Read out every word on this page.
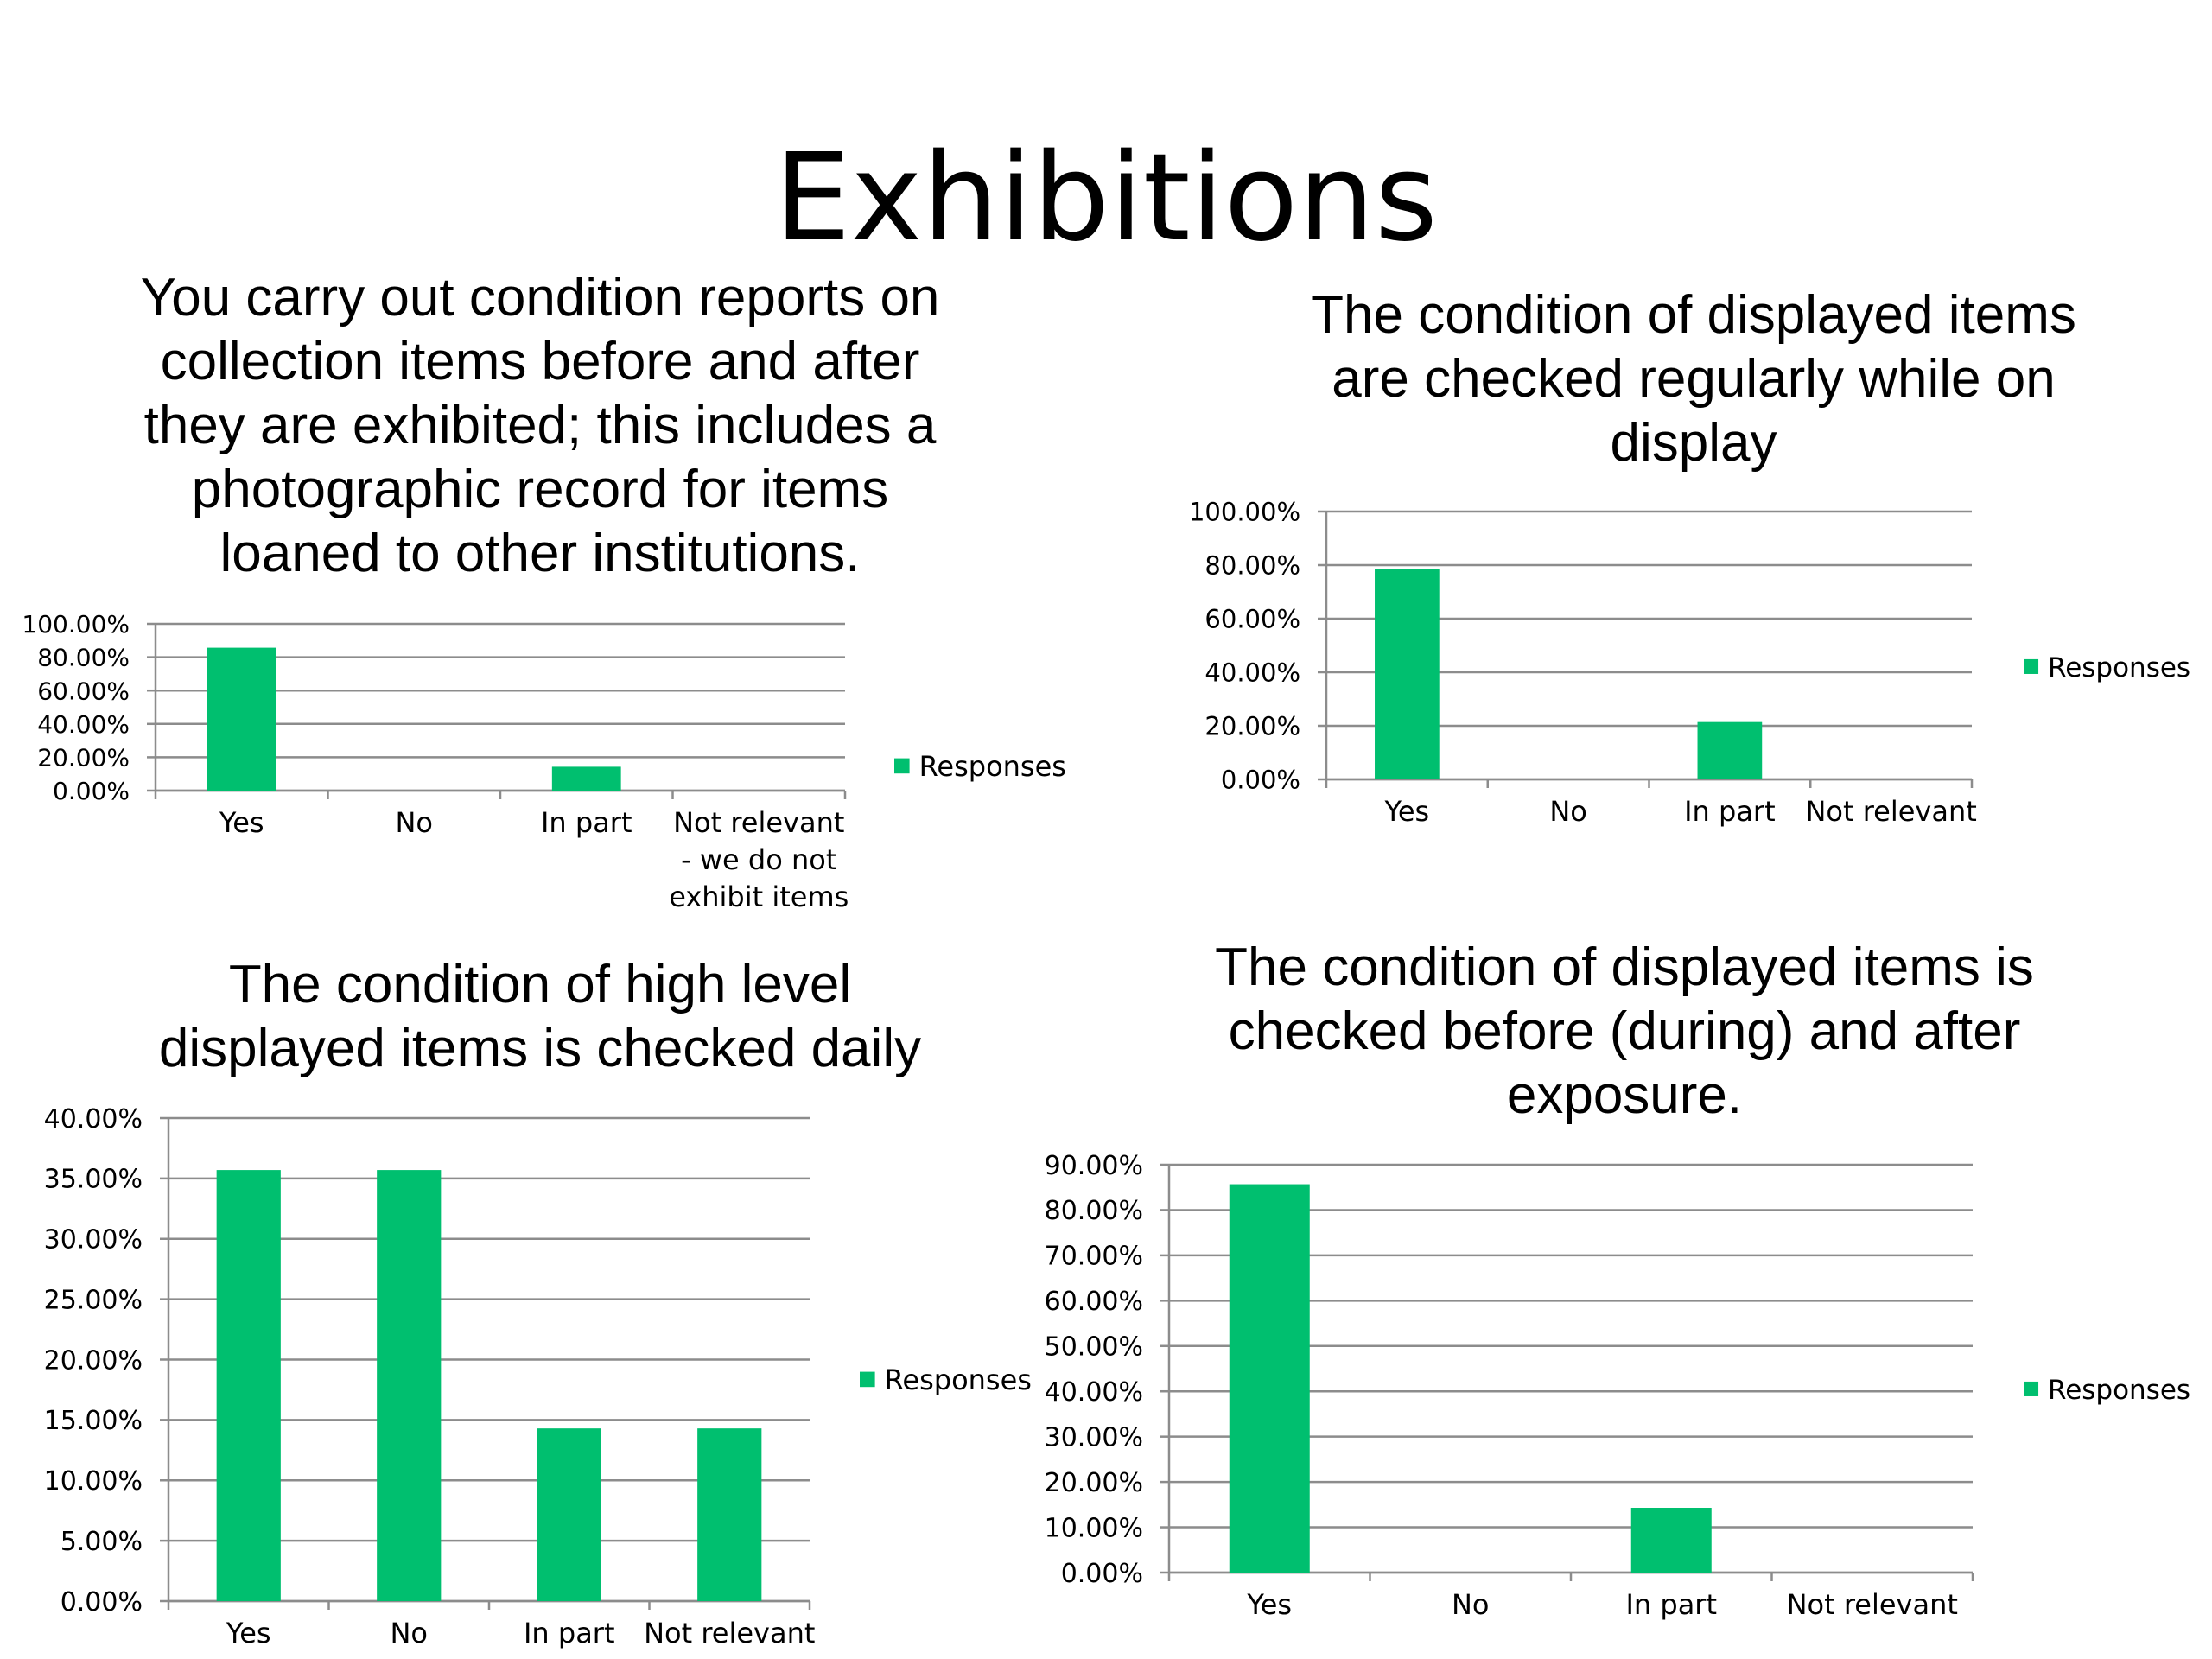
Exhibitions
You carry out condition reports on
collection items before and after
they are exhibited; this includes a
photographic record for items
loaned to other institutions.
The condition of displayed items
are checked regularly while on
display
The condition of high level
displayed items is checked daily
The condition of displayed items is
checked before (during) and after
exposure.
0.00%
20.00%
40.00%
60.00%
80.00%
100.00%
Yes	No	In part Not relevant - we do not exhibit items
Responses	0.00%
20.00%
40.00%
60.00%
80.00%
100.00%
Yes	No	In part Not relevant
Responses
0.00%
5.00%
10.00%
15.00%
20.00%
25.00%
30.00%
35.00%
40.00%
Yes	No	In part Not relevant
Responses
0.00%
10.00%
20.00%
30.00%
40.00%
50.00%
60.00%
70.00%
80.00%
90.00%
Yes	No	In part	Not relevant
Responses
